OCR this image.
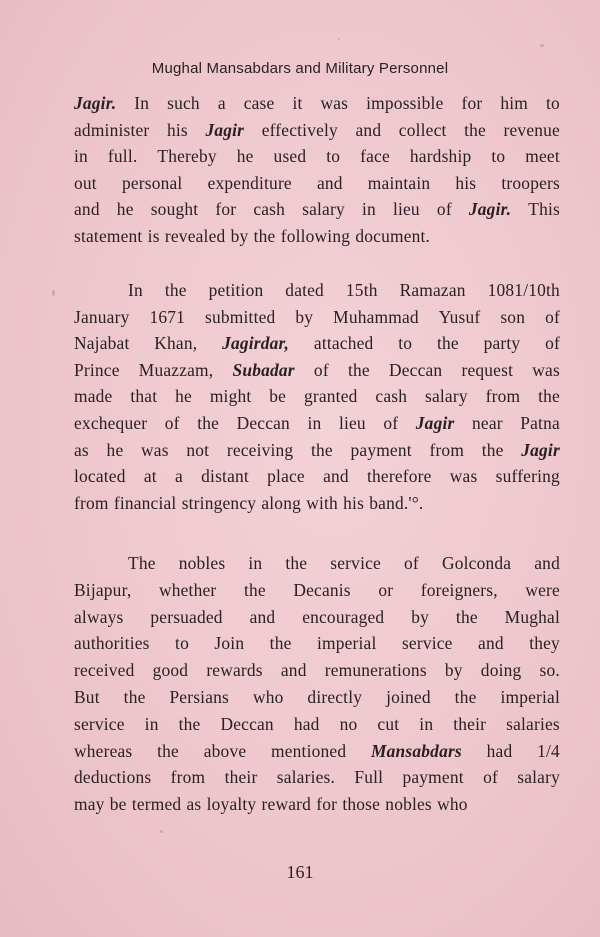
Mughal Mansabdars and Military Personnel
Jagir. In such a case it was impossible for him to
administer his Jagir effectively and collect the revenue
in full. Thereby he used to face hardship to meet
out personal expenditure and maintain his troopers
and he sought for cash salary in lieu of Jagir. This
statement is revealed by the following document.
In the petition dated 15th Ramazan 1081/10th
January 1671 submitted by Muhammad Yusuf son of
Najabat Khan, Jagirdar, attached to the party of
Prince Muazzam, Subadar of the Deccan request was
made that he might be granted cash salary from the
exchequer of the Deccan in lieu of Jagir near Patna
as he was not receiving the payment from the Jagir
located at a distant place and therefore was suffering
from financial stringency along with his band.'°.
The nobles in the service of Golconda and
Bijapur, whether the Decanis or foreigners, were
always persuaded and encouraged by the Mughal
authorities to Join the imperial service and they
received good rewards and remunerations by doing so.
But the Persians who directly joined the imperial
service in the Deccan had no cut in their salaries
whereas the above mentioned Mansabdars had 1/4
deductions from their salaries. Full payment of salary
may be termed as loyalty reward for those nobles who
161
